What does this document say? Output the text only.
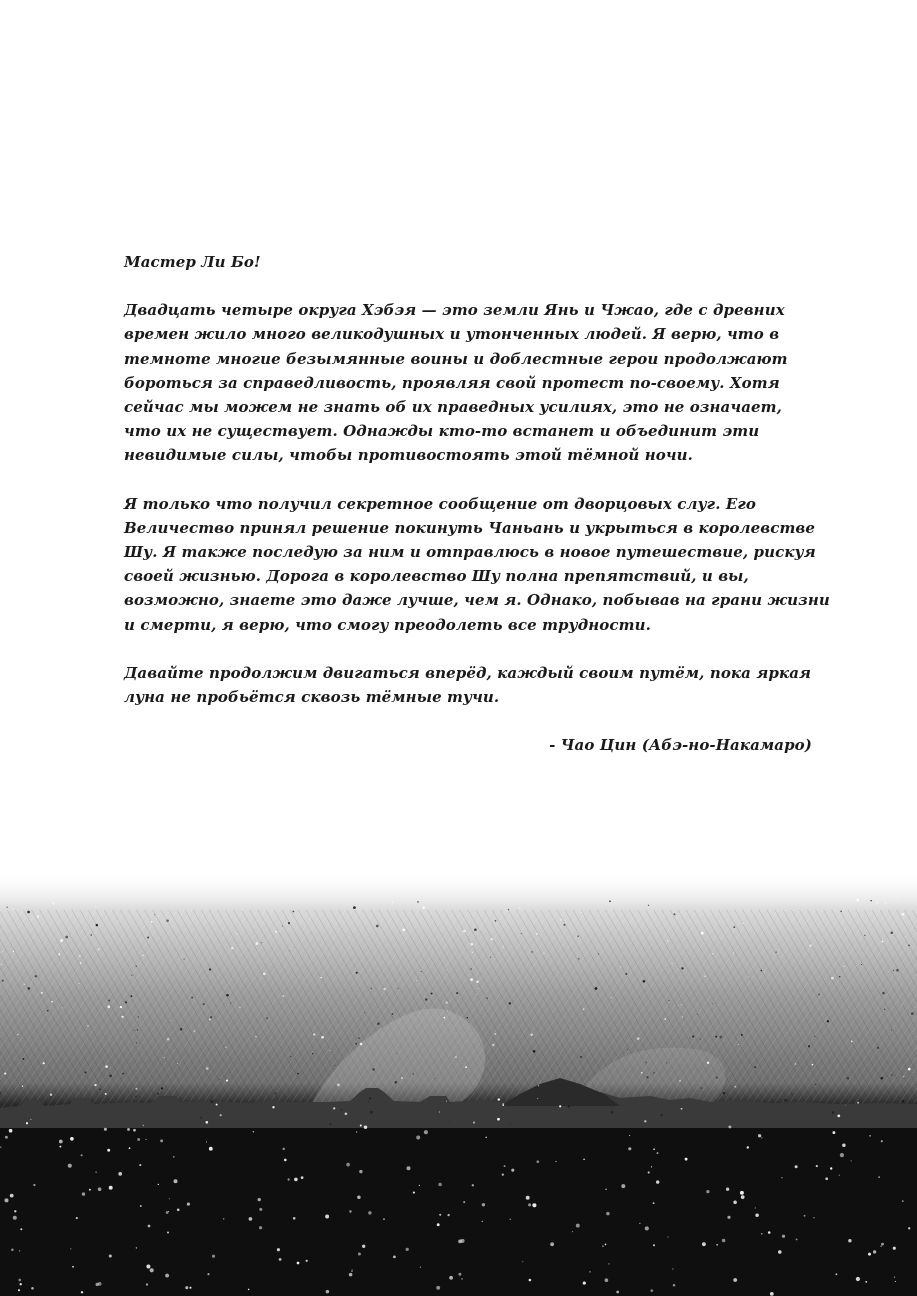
Мастер Ли Бо!

Двадцать четыре округа Хэбэя — это земли Янь и Чжао, где с древних
времен жило много великодушных и утонченных людей. Я верю, что в
темноте многие безымянные воины и доблестные герои продолжают
бороться за справедливость, проявляя свой протест по-своему. Хотя
сейчас мы можем не знать об их праведных усилиях, это не означает,
что их не существует. Однажды кто-то встанет и объединит эти
невидимые силы, чтобы противостоять этой тёмной ночи.

Я только что получил секретное сообщение от дворцовых слуг. Его
Величество принял решение покинуть Чаньань и укрыться в королевстве
Шу. Я также последую за ним и отправлюсь в новое путешествие, рискуя
своей жизнью. Дорога в королевство Шу полна препятствий, и вы,
возможно, знаете это даже лучше, чем я. Однако, побывав на грани жизни
и смерти, я верю, что смогу преодолеть все трудности.

Давайте продолжим двигаться вперёд, каждый своим путём, пока яркая
луна не пробьётся сквозь тёмные тучи.

- Чао Цин (Абэ-но-Накамаро)
